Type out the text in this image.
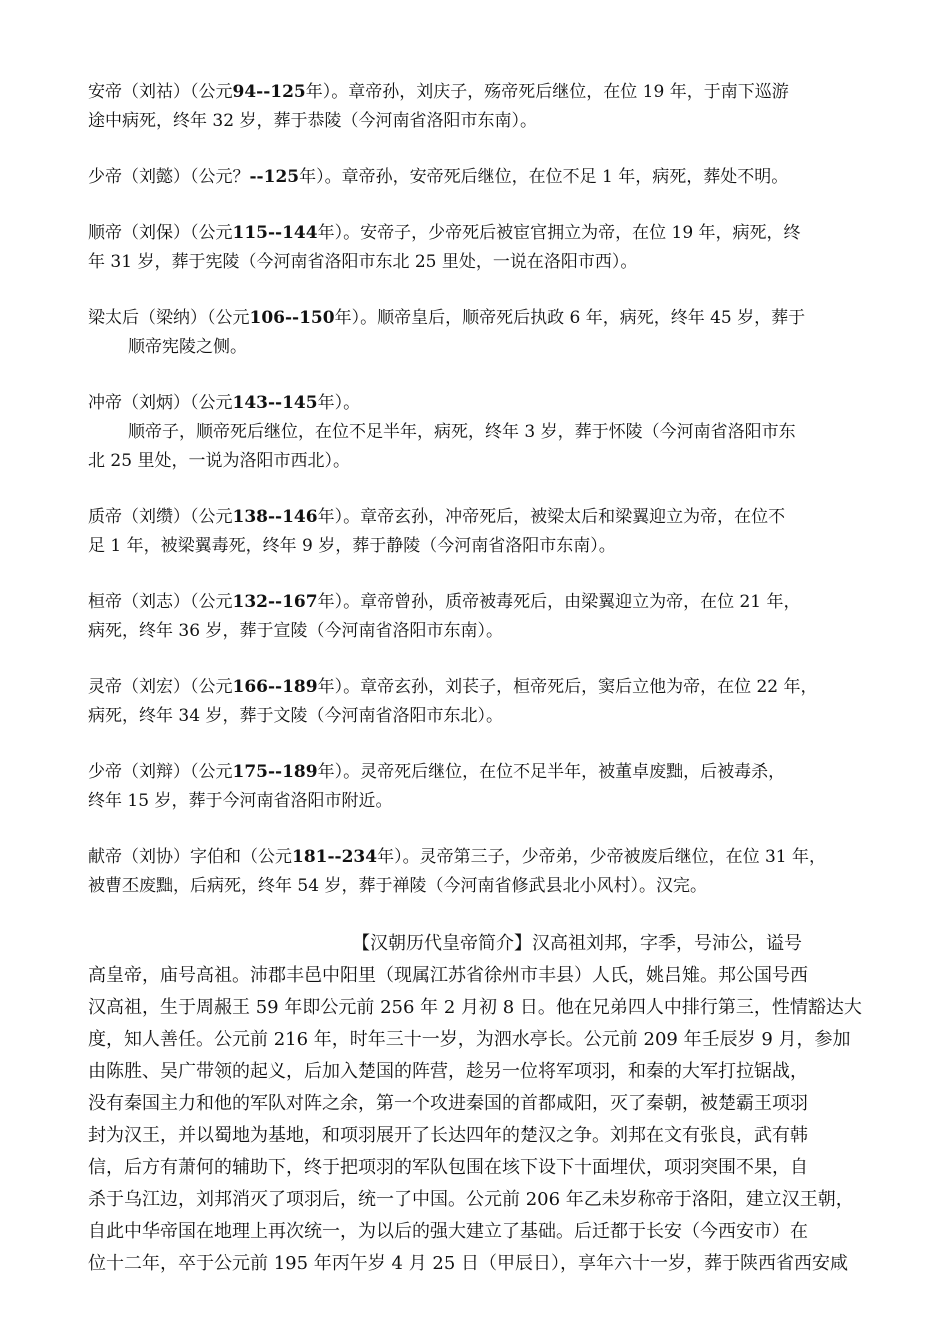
安帝（刘祜）（公元94--125年）。章帝孙，刘庆子，殇帝死后继位，在位 19 年，于南下巡游
途中病死，终年 32 岁，葬于恭陵（今河南省洛阳市东南）。
少帝（刘懿）（公元？--125年）。章帝孙，安帝死后继位，在位不足 1 年，病死，葬处不明。
顺帝（刘保）（公元115--144年）。安帝子，少帝死后被宦官拥立为帝，在位 19 年，病死，终
年 31 岁，葬于宪陵（今河南省洛阳市东北 25 里处，一说在洛阳市西）。
梁太后（梁纳）（公元106--150年）。顺帝皇后，顺帝死后执政 6 年，病死，终年 45 岁，葬于
顺帝宪陵之侧。
冲帝（刘炳）（公元143--145年）。
顺帝子，顺帝死后继位，在位不足半年，病死，终年 3 岁，葬于怀陵（今河南省洛阳市东
北 25 里处，一说为洛阳市西北）。
质帝（刘缵）（公元138--146年）。章帝玄孙，冲帝死后，被梁太后和梁翼迎立为帝，在位不
足 1 年，被梁翼毒死，终年 9 岁，葬于静陵（今河南省洛阳市东南）。
桓帝（刘志）（公元132--167年）。章帝曾孙，质帝被毒死后，由梁翼迎立为帝，在位 21 年，
病死，终年 36 岁，葬于宣陵（今河南省洛阳市东南）。
灵帝（刘宏）（公元166--189年）。章帝玄孙，刘苌子，桓帝死后，窦后立他为帝，在位 22 年，
病死，终年 34 岁，葬于文陵（今河南省洛阳市东北）。
少帝（刘辩）（公元175--189年）。灵帝死后继位，在位不足半年，被董卓废黜，后被毒杀，
终年 15 岁，葬于今河南省洛阳市附近。
献帝（刘协）字伯和（公元181--234年）。灵帝第三子，少帝弟，少帝被废后继位，在位 31 年，
被曹丕废黜，后病死，终年 54 岁，葬于禅陵（今河南省修武县北小风村）。汉完。
【汉朝历代皇帝简介】汉高祖刘邦，字季，号沛公，谥号
高皇帝，庙号高祖。沛郡丰邑中阳里（现属江苏省徐州市丰县）人氏，姚吕雉。邦公国号西
汉高祖，生于周赧王 59 年即公元前 256 年 2 月初 8 日。他在兄弟四人中排行第三，性情豁达大
度，知人善任。公元前 216 年，时年三十一岁，为泗水亭长。公元前 209 年壬辰岁 9 月，参加
由陈胜、吴广带领的起义，后加入楚国的阵营，趁另一位将军项羽，和秦的大军打拉锯战，
没有秦国主力和他的军队对阵之余，第一个攻进秦国的首都咸阳，灭了秦朝，被楚霸王项羽
封为汉王，并以蜀地为基地，和项羽展开了长达四年的楚汉之争。刘邦在文有张良，武有韩
信，后方有萧何的辅助下，终于把项羽的军队包围在垓下设下十面埋伏，项羽突围不果，自
杀于乌江边，刘邦消灭了项羽后，统一了中国。公元前 206 年乙未岁称帝于洛阳，建立汉王朝，
自此中华帝国在地理上再次统一，为以后的强大建立了基础。后迁都于长安（今西安市）在
位十二年，卒于公元前 195 年丙午岁 4 月 25 日（甲辰日），享年六十一岁，葬于陕西省西安咸
